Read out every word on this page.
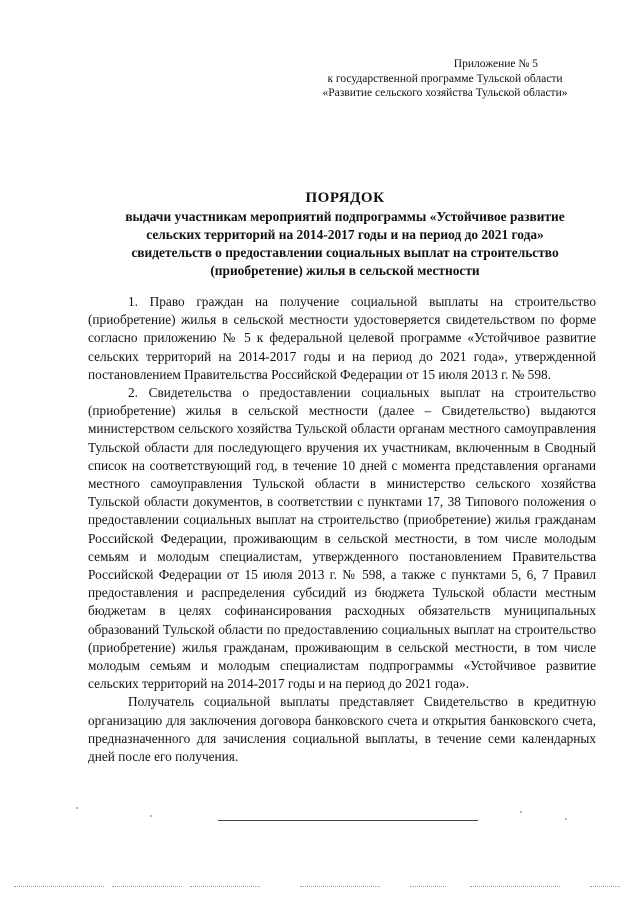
Приложение № 5
к государственной программе Тульской области
«Развитие сельского хозяйства Тульской области»
ПОРЯДОК
выдачи участникам мероприятий подпрограммы «Устойчивое развитие
сельских территорий на 2014-2017 годы и на период до 2021 года»
свидетельств о предоставлении социальных выплат на строительство
(приобретение) жилья в сельской местности

1. Право граждан на получение социальной выплаты на строительство (приобретение) жилья в сельской местности удостоверяется свидетельством по форме согласно приложению № 5 к федеральной целевой программе «Устойчивое развитие сельских территорий на 2014-2017 годы и на период до 2021 года», утвержденной постановлением Правительства Российской Федерации от 15 июля 2013 г. № 598.

2. Свидетельства о предоставлении социальных выплат на строительство (приобретение) жилья в сельской местности (далее – Свидетельство) выдаются министерством сельского хозяйства Тульской области органам местного самоуправления Тульской области для последующего вручения их участникам, включенным в Сводный список на соответствующий год, в течение 10 дней с момента представления органами местного самоуправления Тульской области в министерство сельского хозяйства Тульской области документов, в соответствии с пунктами 17, 38 Типового положения о предоставлении социальных выплат на строительство (приобретение) жилья гражданам Российской Федерации, проживающим в сельской местности, в том числе молодым семьям и молодым специалистам, утвержденного постановлением Правительства Российской Федерации от 15 июля 2013 г. № 598, а также с пунктами 5, 6, 7 Правил предоставления и распределения субсидий из бюджета Тульской области местным бюджетам в целях софинансирования расходных обязательств муниципальных образований Тульской области по предоставлению социальных выплат на строительство (приобретение) жилья гражданам, проживающим в сельской местности, в том числе молодым семьям и молодым специалистам подпрограммы «Устойчивое развитие сельских территорий на 2014-2017 годы и на период до 2021 года».

Получатель социальной выплаты представляет Свидетельство в кредитную организацию для заключения договора банковского счета и открытия банковского счета, предназначенного для зачисления социальной выплаты, в течение семи календарных дней после его получения.
